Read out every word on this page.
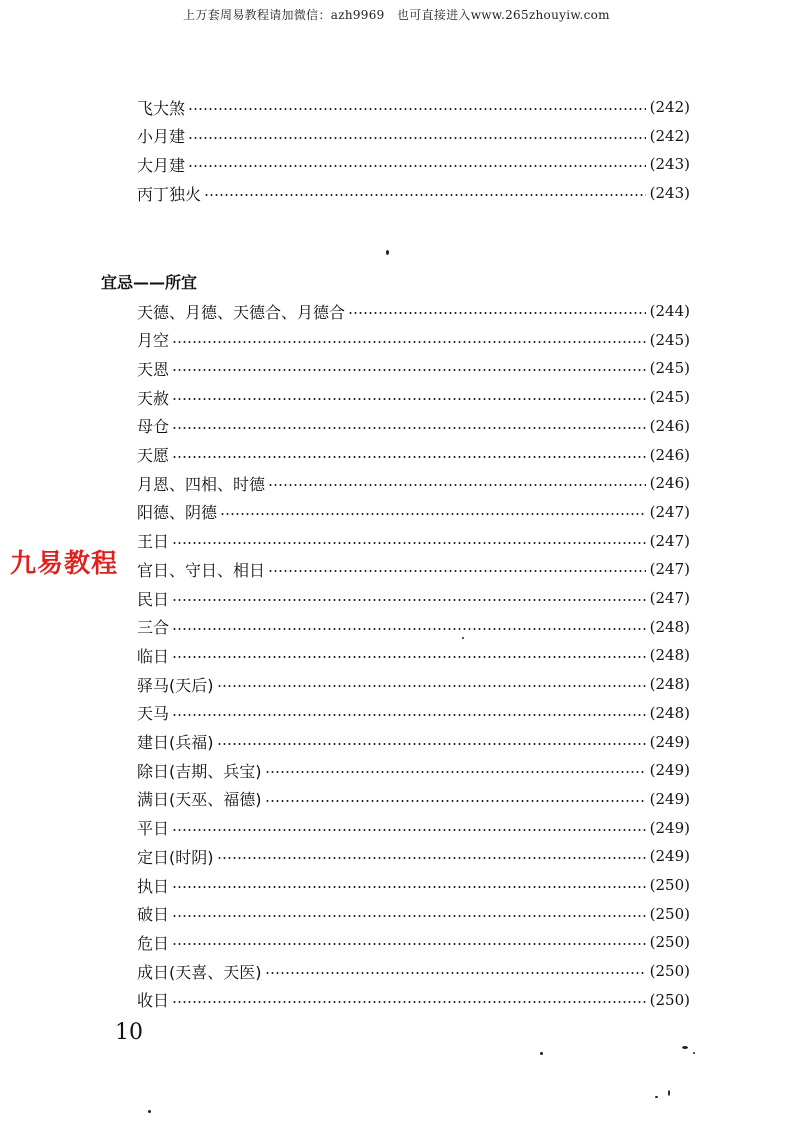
上万套周易教程请加微信：azh9969　也可直接进入www.265zhouyiw.com
飞大煞	(242)
小月建	(242)
大月建	(243)
丙丁独火	(243)
宜忌——所宜
天德、月德、天德合、月德合	(244)
月空	(245)
天恩	(245)
天赦	(245)
母仓	(246)
天愿	(246)
月恩、四相、时德	(246)
阳德、阴德	(247)
王日	(247)
官日、守日、相日	(247)
民日	(247)
三合	(248)
临日	(248)
驿马(天后)	(248)
天马	(248)
建日(兵福)	(249)
除日(吉期、兵宝)	(249)
满日(天巫、福德)	(249)
平日	(249)
定日(时阴)	(249)
执日	(250)
破日	(250)
危日	(250)
成日(天喜、天医)	(250)
收日	(250)
九易教程
10
